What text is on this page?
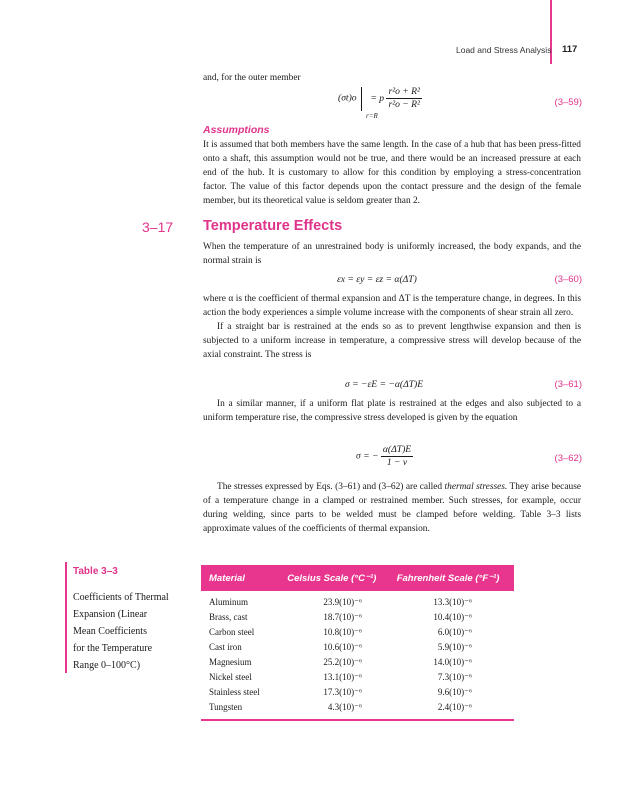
Load and Stress Analysis 117
and, for the outer member
(σt)o
r=R
= p $\frac{\text{r²o + R²}}{\text{r²o − R²}}$	(3–59)
Assumptions

It is assumed that both members have the same length. In the case of a hub that has been press-fitted onto a shaft, this assumption would not be true, and there would be an increased pressure at each end of the hub. It is customary to allow for this condition by employing a stress-concentration factor. The value of this factor depends upon the contact pressure and the design of the female member, but its theoretical value is seldom greater than 2.

3–17 Temperature Effects

When the temperature of an unrestrained body is uniformly increased, the body expands, and the normal strain is

εx = εy = εz = α(ΔT)	(3–60)

where α is the coefficient of thermal expansion and ΔT is the temperature change, in degrees. In this action the body experiences a simple volume increase with the components of shear strain all zero.

If a straight bar is restrained at the ends so as to prevent lengthwise expansion and then is subjected to a uniform increase in temperature, a compressive stress will develop because of the axial constraint. The stress is

σ = −εE = −α(ΔT)E	(3–61)

In a similar manner, if a uniform flat plate is restrained at the edges and also subjected to a uniform temperature rise, the compressive stress developed is given by the equation

σ = − $\frac{\alpha(\Delta T)E}{1 - \nu}$	(3–62)

The stresses expressed by Eqs. (3–61) and (3–62) are called thermal stresses. They arise because of a temperature change in a clamped or restrained member. Such stresses, for example, occur during welding, since parts to be welded must be clamped before welding. Table 3–3 lists approximate values of the coefficients of thermal expansion.

Table 3–3
Coefficients of Thermal
Expansion (Linear
Mean Coefficients
for the Temperature
Range 0–100°C)
Material	Celsius Scale (°C⁻¹)	Fahrenheit Scale (°F⁻¹)
Aluminum	23.9(10)⁻⁶	13.3(10)⁻⁶
Brass, cast	18.7(10)⁻⁶	10.4(10)⁻⁶
Carbon steel	10.8(10)⁻⁶	6.0(10)⁻⁶
Cast iron	10.6(10)⁻⁶	5.9(10)⁻⁶
Magnesium	25.2(10)⁻⁶	14.0(10)⁻⁶
Nickel steel	13.1(10)⁻⁶	7.3(10)⁻⁶
Stainless steel	17.3(10)⁻⁶	9.6(10)⁻⁶
Tungsten	4.3(10)⁻⁶	2.4(10)⁻⁶
